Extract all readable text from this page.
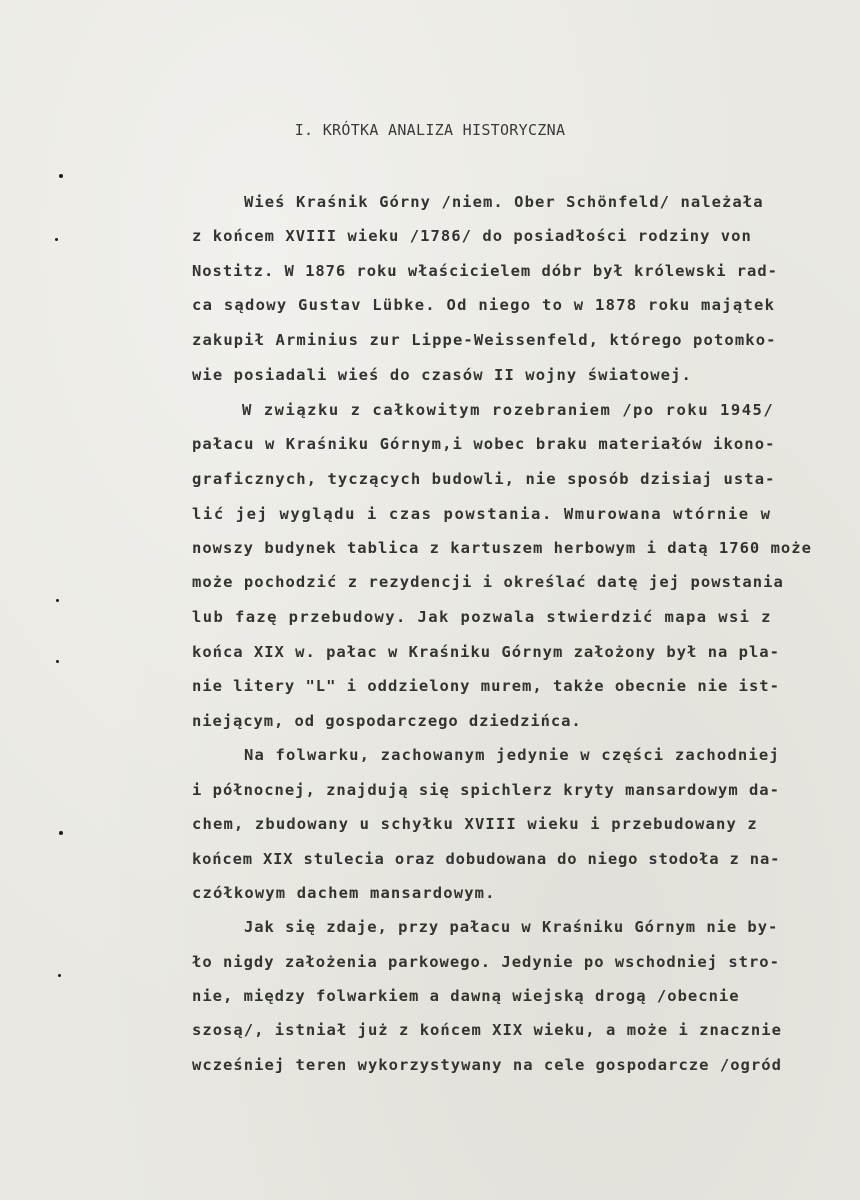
I. KRÓTKA ANALIZA HISTORYCZNA
Wieś Kraśnik Górny /niem. Ober Schönfeld/ należała
z końcem XVIII wieku /1786/ do posiadłości rodziny von
Nostitz. W 1876 roku właścicielem dóbr był królewski rad-
ca sądowy Gustav Lübke. Od niego to w 1878 roku majątek
zakupił Arminius zur Lippe-Weissenfeld, którego potomko-
wie posiadali wieś do czasów II wojny światowej.
W związku z całkowitym rozebraniem /po roku 1945/
pałacu w Kraśniku Górnym,i wobec braku materiałów ikono-
graficznych, tyczących budowli, nie sposób dzisiaj usta-
lić jej wyglądu i czas powstania. Wmurowana wtórnie w
nowszy budynek tablica z kartuszem herbowym i datą 1760 może
może pochodzić z rezydencji i określać datę jej powstania
lub fazę przebudowy. Jak pozwala stwierdzić mapa wsi z
końca XIX w. pałac w Kraśniku Górnym założony był na pla-
nie litery "L" i oddzielony murem, także obecnie nie ist-
niejącym, od gospodarczego dziedzińca.
Na folwarku, zachowanym jedynie w części zachodniej
i północnej, znajdują się spichlerz kryty mansardowym da-
chem, zbudowany u schyłku XVIII wieku i przebudowany z
końcem XIX stulecia oraz dobudowana do niego stodoła z na-
czółkowym dachem mansardowym.
Jak się zdaje, przy pałacu w Kraśniku Górnym nie by-
ło nigdy założenia parkowego. Jedynie po wschodniej stro-
nie, między folwarkiem a dawną wiejską drogą /obecnie
szosą/, istniał już z końcem XIX wieku, a może i znacznie
wcześniej teren wykorzystywany na cele gospodarcze /ogród
